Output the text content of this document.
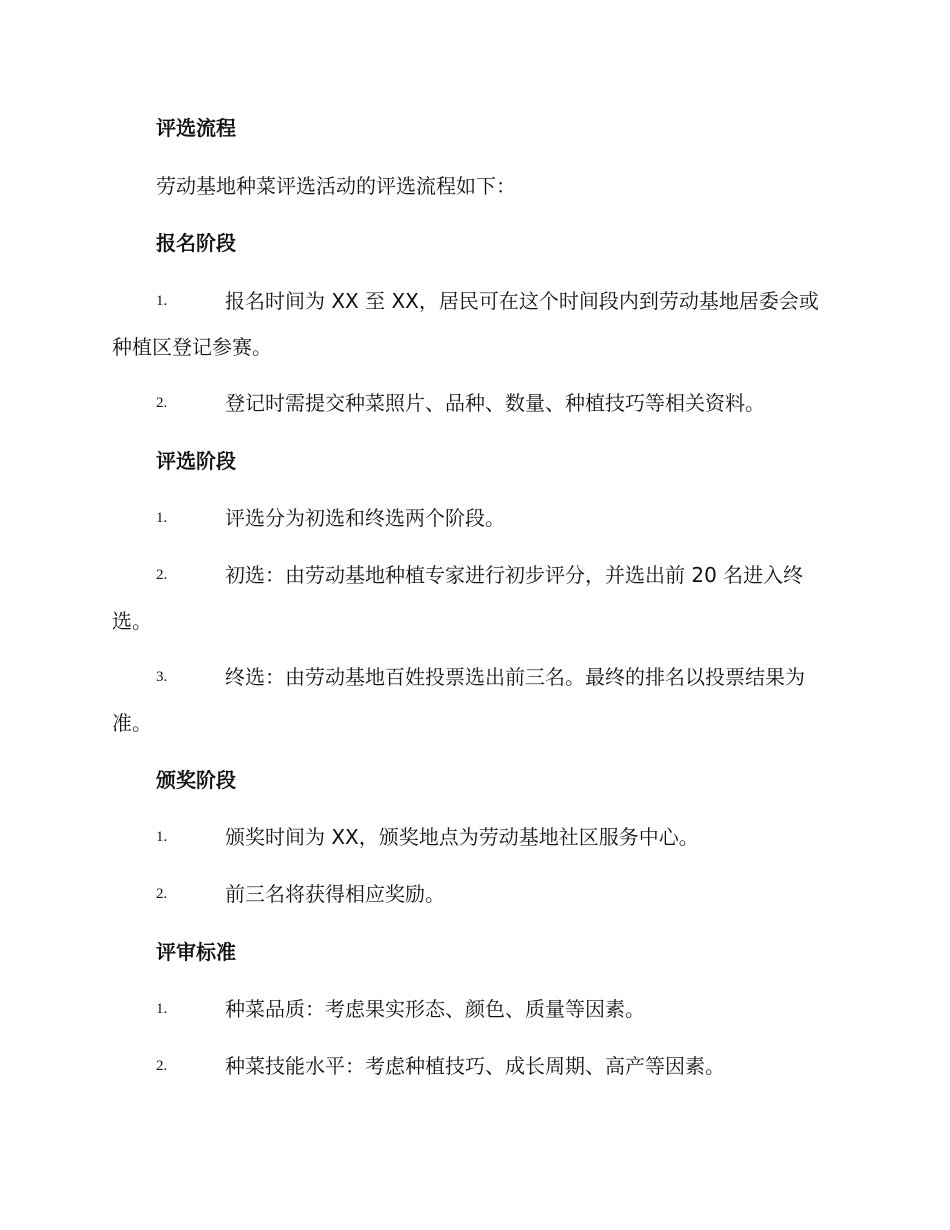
评选流程
劳动基地种菜评选活动的评选流程如下：
报名阶段
1.	报名时间为 XX 至 XX，居民可在这个时间段内到劳动基地居委会或种植区登记参赛。
2.	登记时需提交种菜照片、品种、数量、种植技巧等相关资料。
评选阶段
1.	评选分为初选和终选两个阶段。
2.	初选：由劳动基地种植专家进行初步评分，并选出前 20 名进入终选。
3.	终选：由劳动基地百姓投票选出前三名。最终的排名以投票结果为准。
颁奖阶段
1.	颁奖时间为 XX，颁奖地点为劳动基地社区服务中心。
2.	前三名将获得相应奖励。
评审标准
1.	种菜品质：考虑果实形态、颜色、质量等因素。
2.	种菜技能水平：考虑种植技巧、成长周期、高产等因素。
